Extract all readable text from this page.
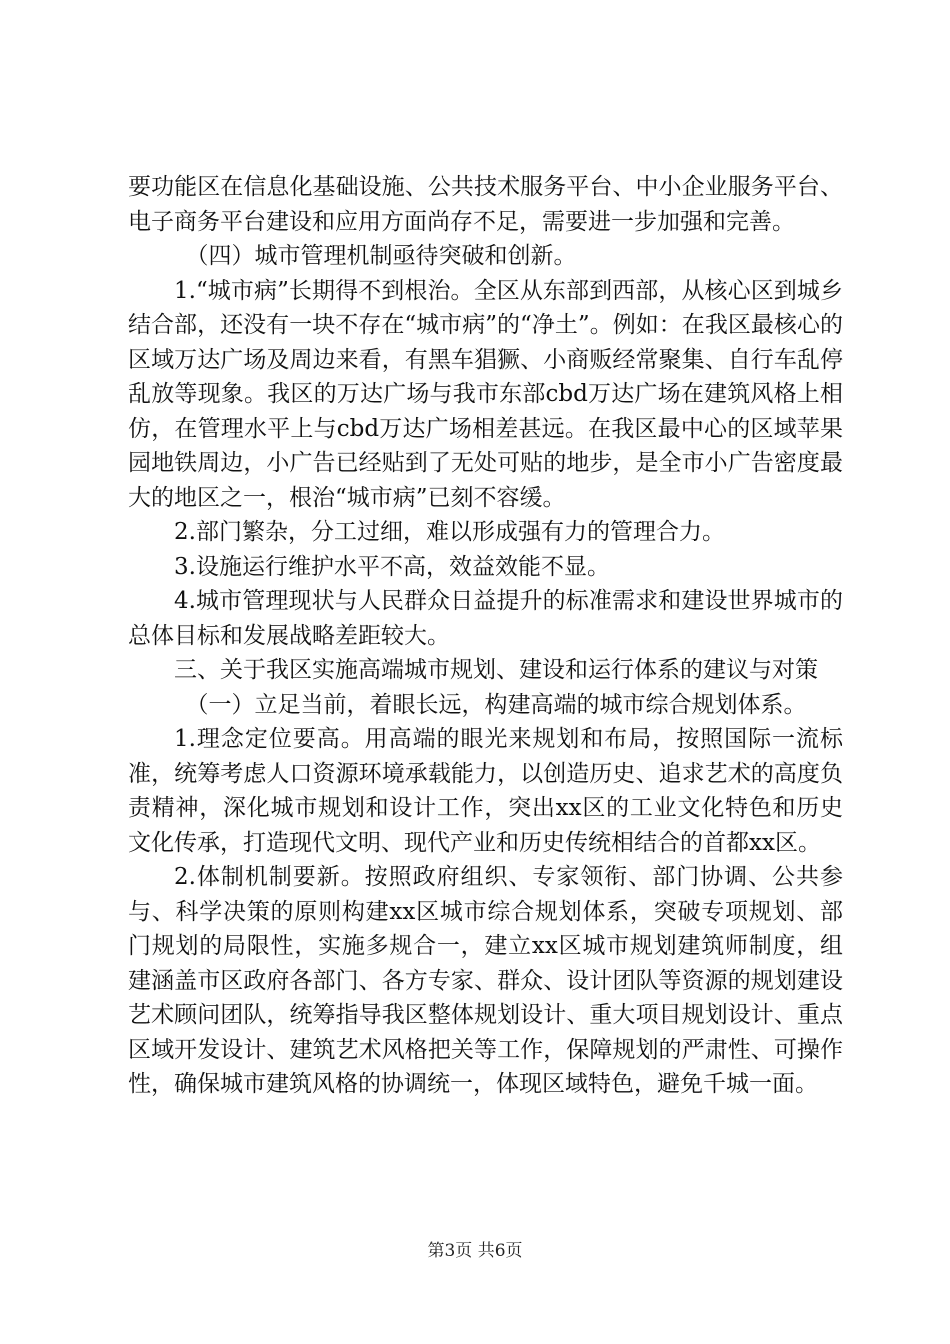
要功能区在信息化基础设施、公共技术服务平台、中小企业服务平台、电子商务平台建设和应用方面尚存不足，需要进一步加强和完善。

（四）城市管理机制亟待突破和创新。

1.“城市病”长期得不到根治。全区从东部到西部，从核心区到城乡结合部，还没有一块不存在“城市病”的“净土”。例如：在我区最核心的区域万达广场及周边来看，有黑车猖獗、小商贩经常聚集、自行车乱停乱放等现象。我区的万达广场与我市东部cbd万达广场在建筑风格上相仿，在管理水平上与cbd万达广场相差甚远。在我区最中心的区域苹果园地铁周边，小广告已经贴到了无处可贴的地步，是全市小广告密度最大的地区之一，根治“城市病”已刻不容缓。

2.部门繁杂，分工过细，难以形成强有力的管理合力。

3.设施运行维护水平不高，效益效能不显。

4.城市管理现状与人民群众日益提升的标准需求和建设世界城市的总体目标和发展战略差距较大。

三、关于我区实施高端城市规划、建设和运行体系的建议与对策

（一）立足当前，着眼长远，构建高端的城市综合规划体系。

1.理念定位要高。用高端的眼光来规划和布局，按照国际一流标准，统筹考虑人口资源环境承载能力，以创造历史、追求艺术的高度负责精神，深化城市规划和设计工作，突出xx区的工业文化特色和历史文化传承，打造现代文明、现代产业和历史传统相结合的首都xx区。

2.体制机制要新。按照政府组织、专家领衔、部门协调、公共参与、科学决策的原则构建xx区城市综合规划体系，突破专项规划、部门规划的局限性，实施多规合一，建立xx区城市规划建筑师制度，组建涵盖市区政府各部门、各方专家、群众、设计团队等资源的规划建设艺术顾问团队，统筹指导我区整体规划设计、重大项目规划设计、重点区域开发设计、建筑艺术风格把关等工作，保障规划的严肃性、可操作性，确保城市建筑风格的协调统一，体现区域特色，避免千城一面。

第3页 共6页
